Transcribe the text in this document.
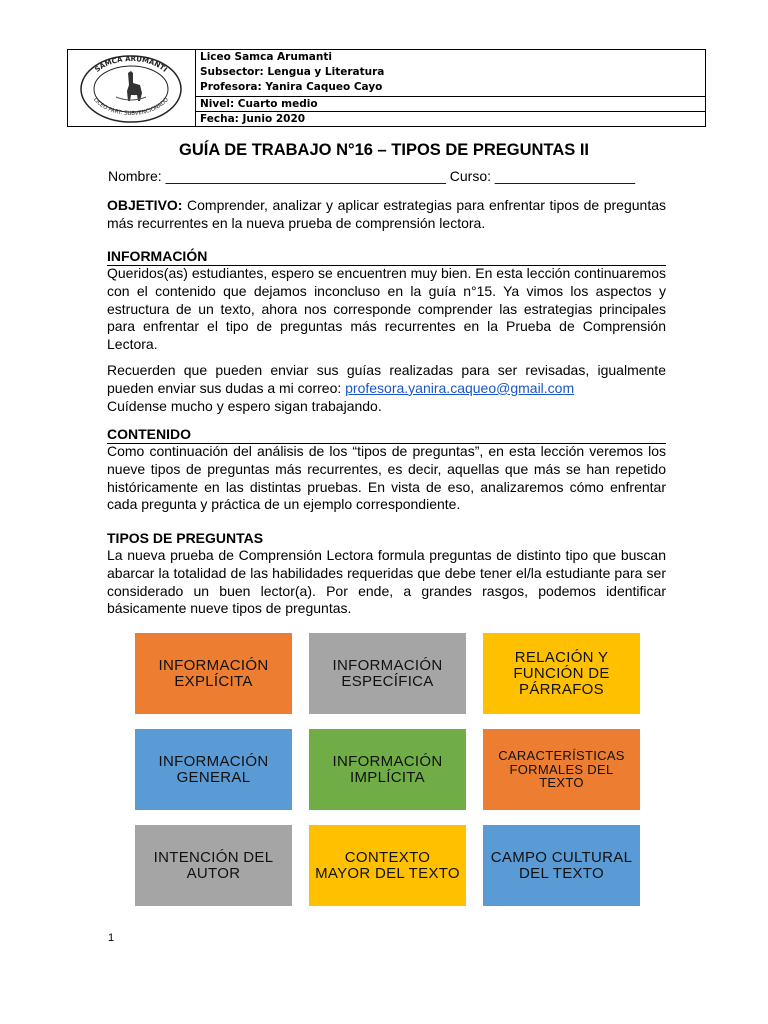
SAMCA ARUMANTI
LICEO PART. SUBVENCIONADO
Liceo Samca Arumanti
Subsector: Lengua y Literatura
Profesora: Yanira Caqueo Cayo
Nivel: Cuarto medio
Fecha: Junio 2020
GUÍA DE TRABAJO N°16 – TIPOS DE PREGUNTAS II
Nombre: ____________________________________ Curso: __________________
OBJETIVO: Comprender, analizar y aplicar estrategias para enfrentar tipos de preguntas más recurrentes en la nueva prueba de comprensión lectora.
INFORMACIÓN
Queridos(as) estudiantes, espero se encuentren muy bien. En esta lección continuaremos con el contenido que dejamos inconcluso en la guía n°15. Ya vimos los aspectos y estructura de un texto, ahora nos corresponde comprender las estrategias principales para enfrentar el tipo de preguntas más recurrentes en la Prueba de Comprensión Lectora.
Recuerden que pueden enviar sus guías realizadas para ser revisadas, igualmente pueden enviar sus dudas a mi correo: profesora.yanira.caqueo@gmail.com
Cuídense mucho y espero sigan trabajando.
CONTENIDO
Como continuación del análisis de los “tipos de preguntas”, en esta lección veremos los nueve tipos de preguntas más recurrentes, es decir, aquellas que más se han repetido históricamente en las distintas pruebas. En vista de eso, analizaremos cómo enfrentar cada pregunta y práctica de un ejemplo correspondiente.
TIPOS DE PREGUNTAS
La nueva prueba de Comprensión Lectora formula preguntas de distinto tipo que buscan abarcar la totalidad de las habilidades requeridas que debe tener el/la estudiante para ser considerado un buen lector(a). Por ende, a grandes rasgos, podemos identificar básicamente nueve tipos de preguntas.
INFORMACIÓN EXPLÍCITA
INFORMACIÓN ESPECÍFICA
RELACIÓN Y FUNCIÓN DE PÁRRAFOS
INFORMACIÓN GENERAL
INFORMACIÓN IMPLÍCITA
CARACTERÍSTICAS FORMALES DEL TEXTO
INTENCIÓN DEL AUTOR
CONTEXTO MAYOR DEL TEXTO
CAMPO CULTURAL DEL TEXTO
1
